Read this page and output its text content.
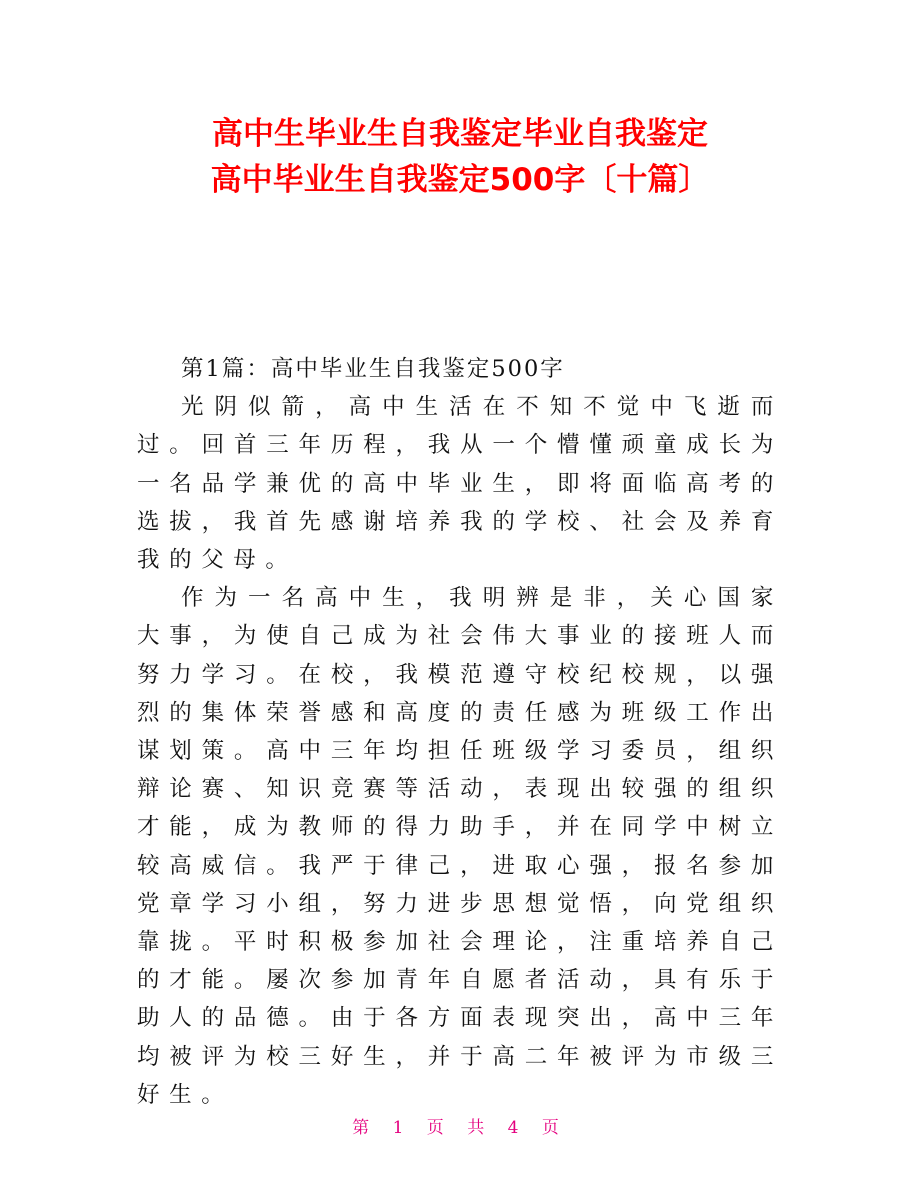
高中生毕业生自我鉴定毕业自我鉴定
高中毕业生自我鉴定500字〔十篇〕

第1篇：高中毕业生自我鉴定500字

光阴似箭，高中生活在不知不觉中飞逝而过。回首三年历程，我从一个懵懂顽童成长为一名品学兼优的高中毕业生，即将面临高考的选拔，我首先感谢培养我的学校、社会及养育我的父母。

作为一名高中生，我明辨是非，关心国家大事，为使自己成为社会伟大事业的接班人而努力学习。在校，我模范遵守校纪校规，以强烈的集体荣誉感和高度的责任感为班级工作出谋划策。高中三年均担任班级学习委员，组织辩论赛、知识竞赛等活动，表现出较强的组织才能，成为教师的得力助手，并在同学中树立较高威信。我严于律己，进取心强，报名参加党章学习小组，努力进步思想觉悟，向党组织靠拢。平时积极参加社会理论，注重培养自己的才能。屡次参加青年自愿者活动，具有乐于助人的品德。由于各方面表现突出，高中三年均被评为校三好生，并于高二年被评为市级三好生。

第 1 页 共 4 页
